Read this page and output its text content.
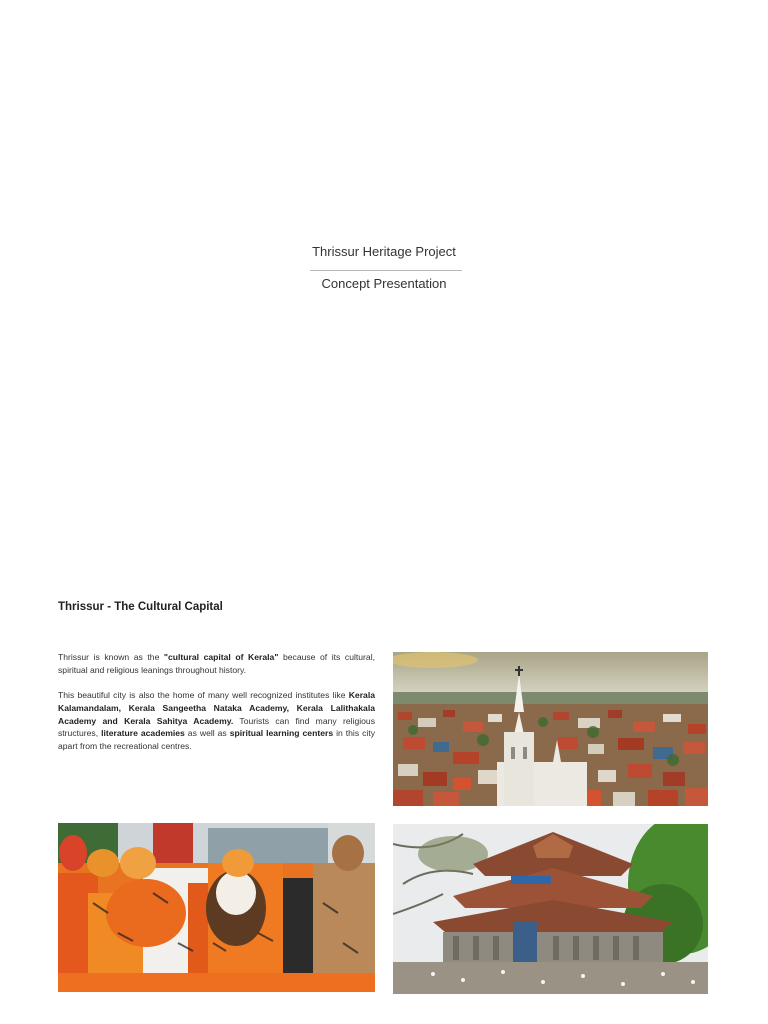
Thrissur Heritage Project
Concept Presentation
Thrissur - The Cultural Capital

Thrissur is known as the "cultural capital of Kerala" because of its cultural, spiritual and religious leanings throughout history.

This beautiful city is also the home of many well recognized institutes like Kerala Kalamandalam, Kerala Sangeetha Nataka Academy, Kerala Lalithakala Academy and Kerala Sahitya Academy. Tourists can find many religious structures, literature academies as well as spiritual learning centers in this city apart from the recreational centres.
